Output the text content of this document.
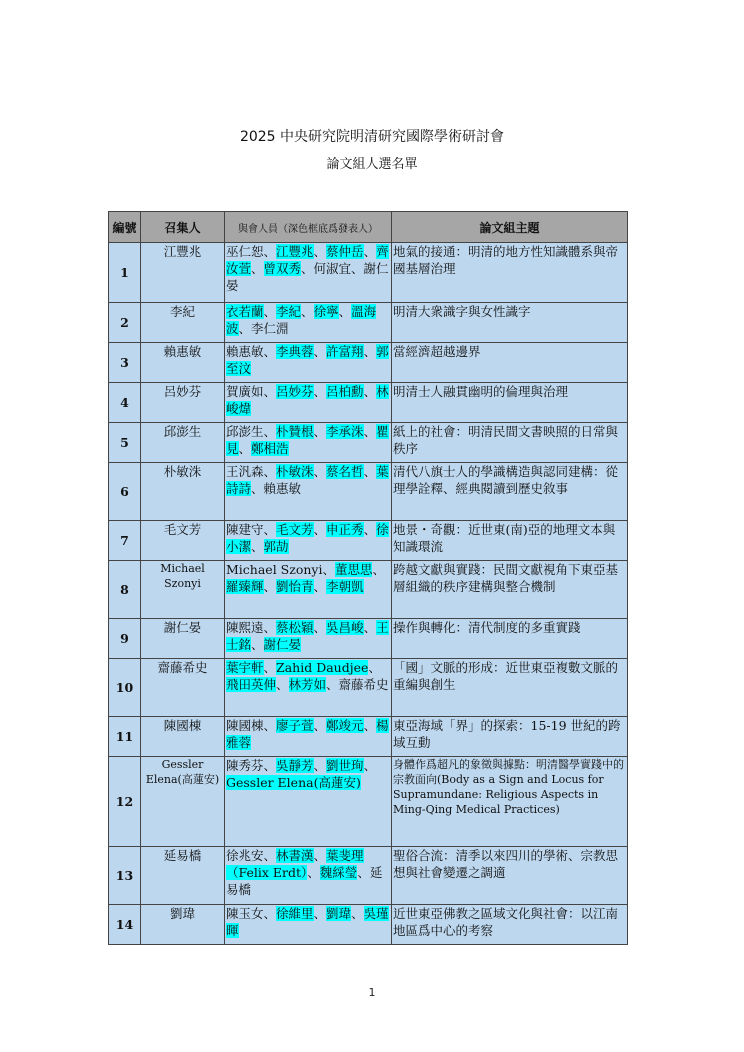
2025 中央研究院明清研究國際學術研討會
論文組人選名單
編號	召集人	與會人員（深色框底爲發表人）	論文組主題
1	江豐兆	巫仁恕、江豐兆、蔡仲岳、齊汝萱、曾双秀、何淑宜、謝仁晏	地氣的接通：明清的地方性知識體系與帝國基層治理
2	李紀	衣若蘭、李紀、徐寧、溫海波、李仁淵	明清大衆識字與女性識字
3	賴惠敏	賴惠敏、李典蓉、許富翔、郭至汶	當經濟超越邊界
4	呂妙芬	賀廣如、呂妙芬、呂柏勳、林峻煒	明清士人融貫幽明的倫理與治理
5	邱澎生	邱澎生、朴贊根、李承洙、瞿見、鄭相浩	紙上的社會：明清民間文書映照的日常與秩序
6	朴敏洙	王汎森、朴敏洙、蔡名哲、葉詩詩、賴惠敏	清代八旗士人的學識構造與認同建構：從理學詮釋、經典閱讀到歷史敘事
7	毛文芳	陳建守、毛文芳、申正秀、徐小潔、郭劼	地景・奇觀：近世東(南)亞的地理文本與知識環流
8	Michael Szonyi	Michael Szonyi、董思思、羅臻輝、劉怡青、李朝凱	跨越文獻與實踐：民間文獻視角下東亞基層組織的秩序建構與整合機制
9	謝仁晏	陳熙遠、蔡松穎、吳昌峻、王士銘、謝仁晏	操作與轉化：清代制度的多重實踐
10	齋藤希史	葉宇軒、Zahid Daudjee、飛田英伸、林芳如、齋藤希史	「國」文脈的形成：近世東亞複數文脈的重編與創生
11	陳國棟	陳國棟、廖子萱、鄭竣元、楊雅蓉	東亞海域「界」的探索：15-19 世紀的跨域互動
12	Gessler Elena(高蓮安)	陳秀芬、吳靜芳、劉世珣、Gessler Elena(高蓮安)	身體作爲超凡的象徵與據點：明清醫學實踐中的宗教面向(Body as a Sign and Locus for Supramundane: Religious Aspects in Ming-Qing Medical Practices)
13	延易橋	徐兆安、林書漢、葉斐理（Felix Erdt）、魏綵瑩、延易橋	聖俗合流：清季以來四川的學術、宗教思想與社會變遷之調適
14	劉瑋	陳玉女、徐維里、劉瑋、吳瑾暉	近世東亞佛教之區域文化與社會：以江南地區爲中心的考察
1
